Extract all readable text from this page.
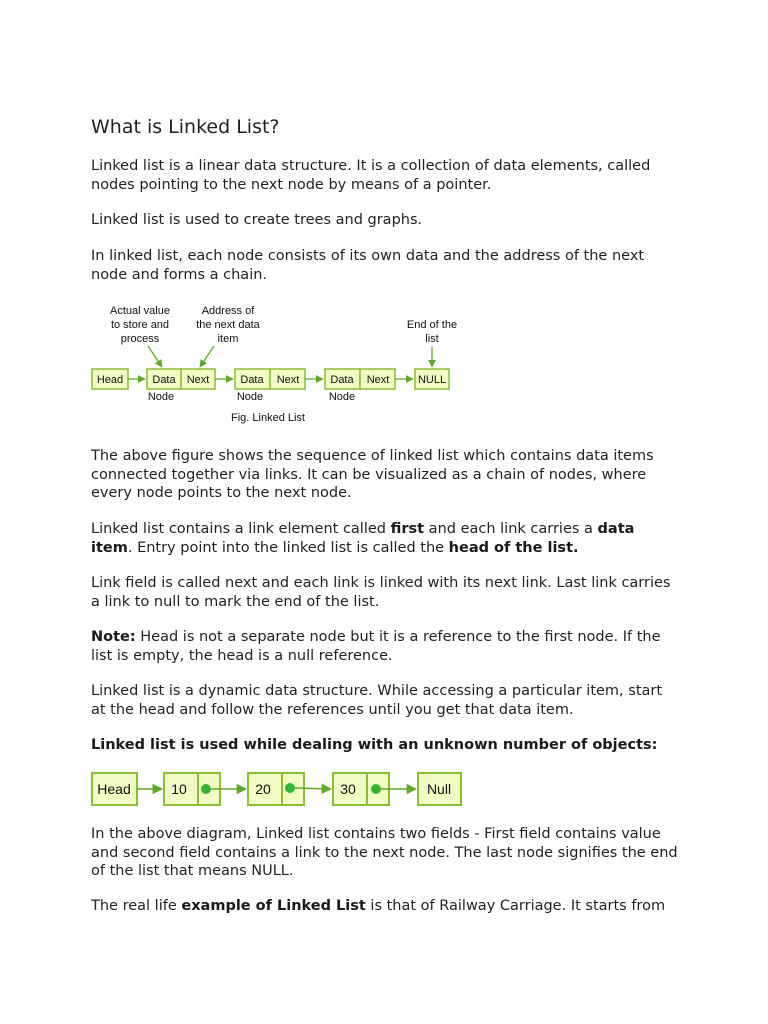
What is Linked List?

Linked list is a linear data structure. It is a collection of data elements, called
nodes pointing to the next node by means of a pointer.

Linked list is used to create trees and graphs.

In linked list, each node consists of its own data and the address of the next
node and forms a chain.

Actual value
to store and
process
Address of
the next data
item
End of the
list
Head	Data Next
Node
Data Next
Node
Data Next
Node
NULL
Fig. Linked List

The above figure shows the sequence of linked list which contains data items
connected together via links. It can be visualized as a chain of nodes, where
every node points to the next node.

Linked list contains a link element called first and each link carries a data
item. Entry point into the linked list is called the head of the list.

Link field is called next and each link is linked with its next link. Last link carries
a link to null to mark the end of the list.

Note: Head is not a separate node but it is a reference to the first node. If the
list is empty, the head is a null reference.

Linked list is a dynamic data structure. While accessing a particular item, start
at the head and follow the references until you get that data item.

Linked list is used while dealing with an unknown number of objects:
Head	10	20	30	Null

In the above diagram, Linked list contains two fields - First field contains value
and second field contains a link to the next node. The last node signifies the end
of the list that means NULL.

The real life example of Linked List is that of Railway Carriage. It starts from
